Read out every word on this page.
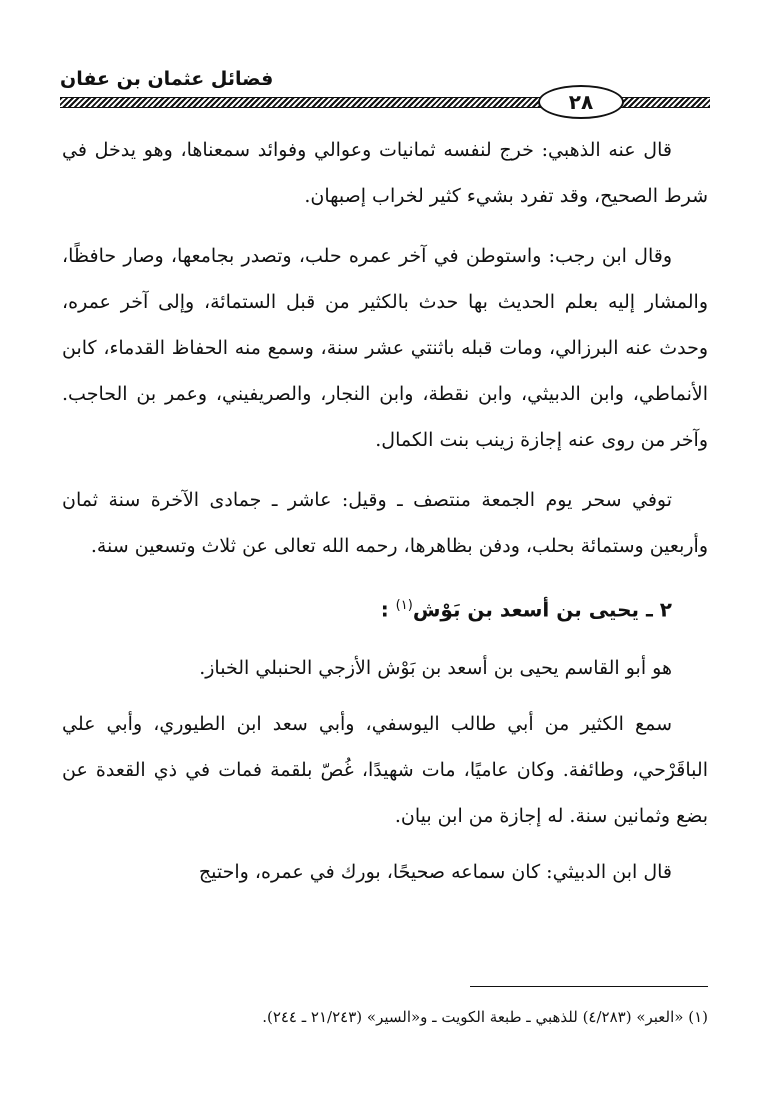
فضائل عثمان بن عفان
٢٨

قال عنه الذهبي: خرج لنفسه ثمانيات وعوالي وفوائد سمعناها، وهو يدخل في شرط الصحيح، وقد تفرد بشيء كثير لخراب إصبهان.

وقال ابن رجب: واستوطن في آخر عمره حلب، وتصدر بجامعها، وصار حافظًا، والمشار إليه بعلم الحديث بها حدث بالكثير من قبل الستمائة، وإلى آخر عمره، وحدث عنه البرزالي، ومات قبله باثنتي عشر سنة، وسمع منه الحفاظ القدماء، كابن الأنماطي، وابن الدبيثي، وابن نقطة، وابن النجار، والصريفيني، وعمر بن الحاجب. وآخر من روى عنه إجازة زينب بنت الكمال.

توفي سحر يوم الجمعة منتصف ـ وقيل: عاشر ـ جمادى الآخرة سنة ثمان وأربعين وستمائة بحلب، ودفن بظاهرها، رحمه الله تعالى عن ثلاث وتسعين سنة.

٢ ـ يحيى بن أسعد بن بَوْش$^{(١)}$ :

هو أبو القاسم يحيى بن أسعد بن بَوْش الأزجي الحنبلي الخباز.

سمع الكثير من أبي طالب اليوسفي، وأبي سعد ابن الطيوري، وأبي علي الباقَرْحي، وطائفة. وكان عاميًا، مات شهيدًا، غُصّ بلقمة فمات في ذي القعدة عن بضع وثمانين سنة. له إجازة من ابن بيان.

قال ابن الدبيثي: كان سماعه صحيحًا، بورك في عمره، واحتيج

(١) «العبر» (٤/٢٨٣) للذهبي ـ طبعة الكويت ـ و«السير» (٢١/٢٤٣ ـ ٢٤٤).
